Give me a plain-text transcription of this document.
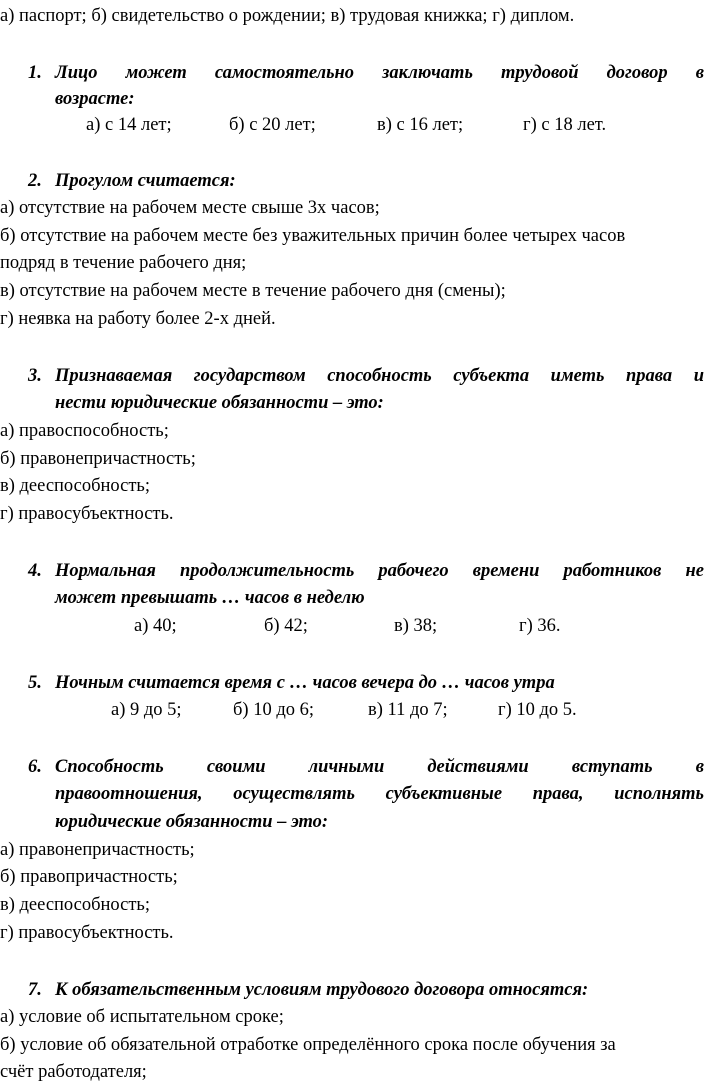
а) паспорт; б) свидетельство о рождении; в) трудовая книжка; г) диплом.
1. Лицо может самостоятельно заключать трудовой договор в
возрасте:
а) с 14 лет;	б) с 20 лет;	в) с 16 лет;	г) с 18 лет.
2. Прогулом считается:
а) отсутствие на рабочем месте свыше 3х часов;
б) отсутствие на рабочем месте без уважительных причин более четырех часов
подряд в течение рабочего дня;
в) отсутствие на рабочем месте в течение рабочего дня (смены);
г) неявка на работу более 2-х дней.
3. Признаваемая государством способность субъекта иметь права и
нести юридические обязанности – это:
а) правоспособность;
б) правонепричастность;
в) дееспособность;
г) правосубъектность.
4. Нормальная продолжительность рабочего времени работников не
может превышать … часов в неделю
а) 40;	б) 42;	в) 38;	г) 36.
5. Ночным считается время с … часов вечера до … часов утра
а) 9 до 5;	б) 10 до 6;	в) 11 до 7;	г) 10 до 5.
6. Способность своими личными действиями вступать в
правоотношения, осуществлять субъективные права, исполнять
юридические обязанности – это:
а) правонепричастность;
б) правопричастность;
в) дееспособность;
г) правосубъектность.
7. К обязательственным условиям трудового договора относятся:
а) условие об испытательном сроке;
б) условие об обязательной отработке определённого срока после обучения за
счёт работодателя;
